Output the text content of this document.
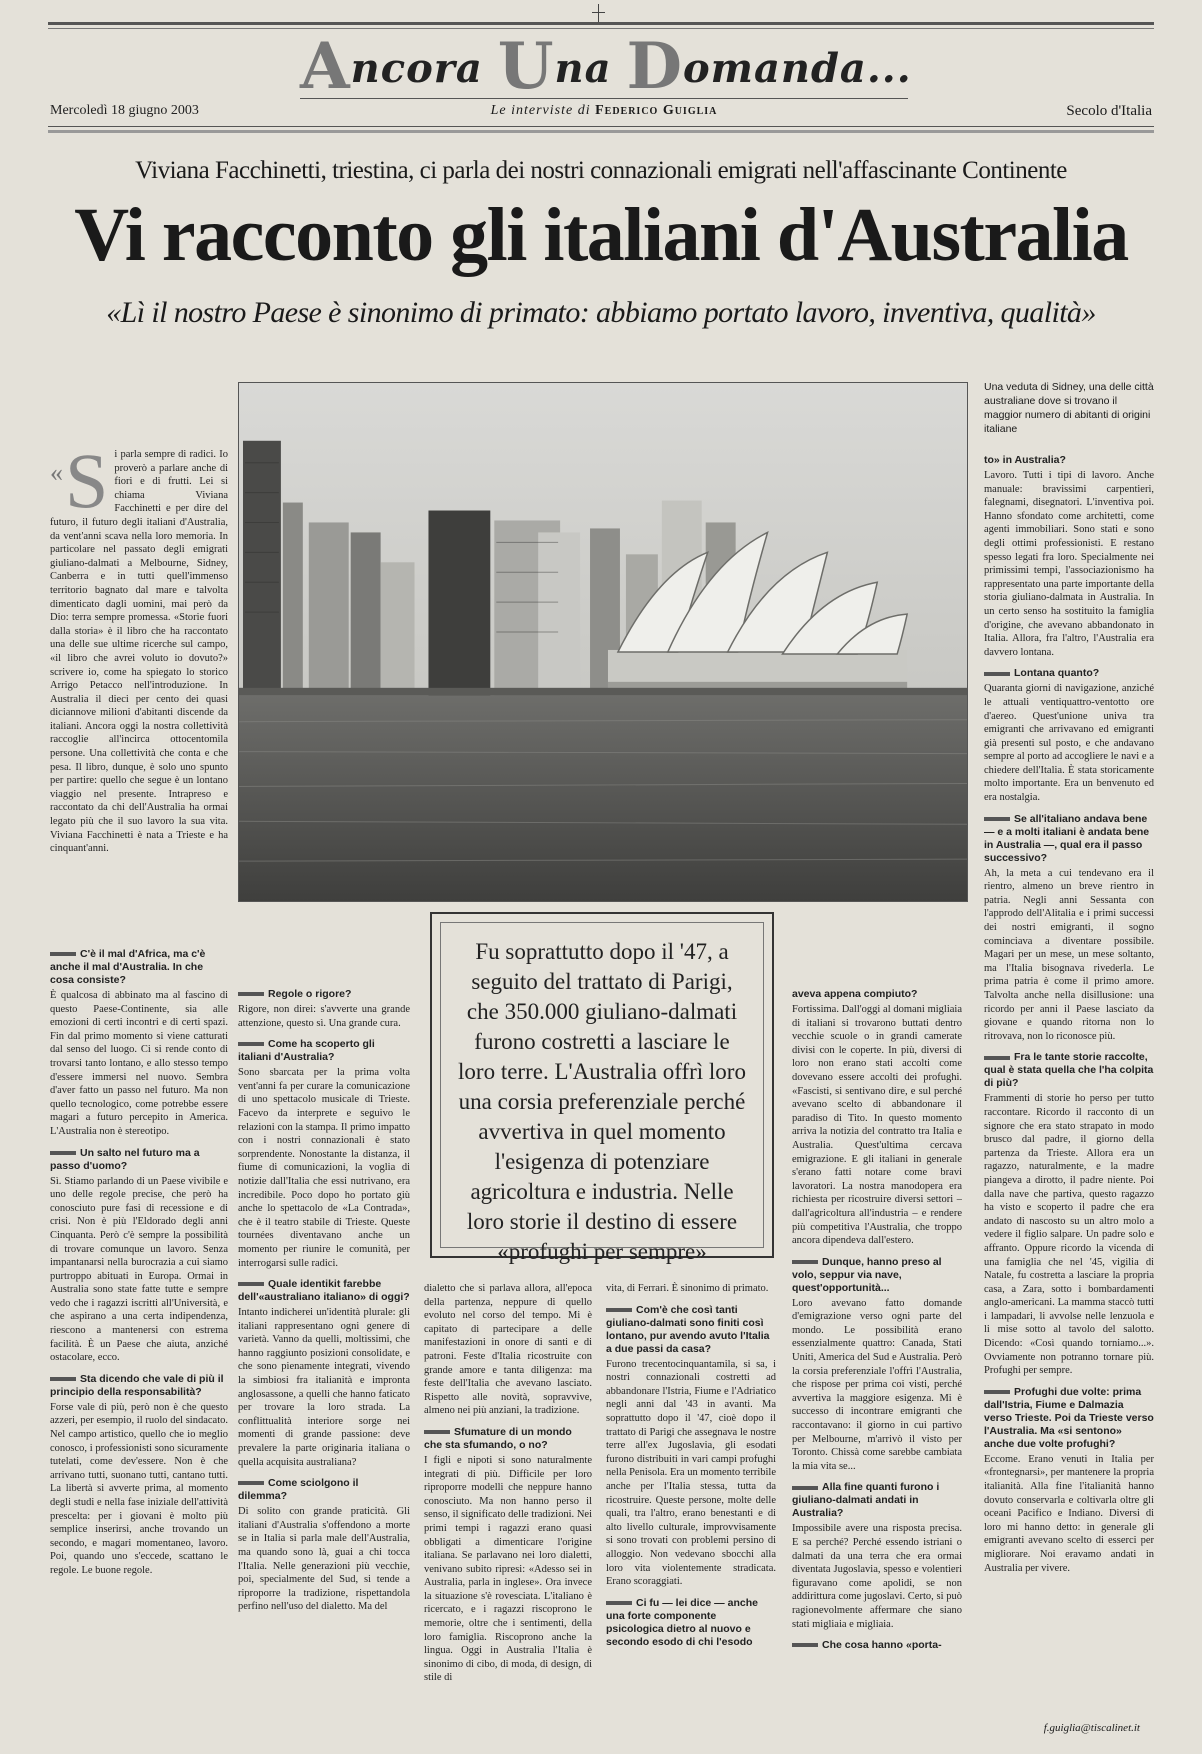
Ancora Una Domanda...
Le interviste di Federico Guiglia
Mercoledì 18 giugno 2003	Secolo d'Italia
Viviana Facchinetti, triestina, ci parla dei nostri connazionali emigrati nell'affascinante Continente
Vi racconto gli italiani d'Australia
«Lì il nostro Paese è sinonimo di primato: abbiamo portato lavoro, inventiva, qualità»
Una veduta di Sidney, una delle città australiane dove si trovano il maggior numero di abitanti di origini italiane
« S i parla sempre di radici. Io proverò a parlare anche di fiori e di frutti. Lei si chiama Viviana Facchinetti e per dire del futuro, il futuro degli italiani d'Australia, da vent'anni scava nella loro memoria. In particolare nel passato degli emigrati giuliano-dalmati a Melbourne, Sidney, Canberra e in tutti quell'immenso territorio bagnato dal mare e talvolta dimenticato dagli uomini, mai però da Dio: terra sempre promessa. «Storie fuori dalla storia» è il libro che ha raccontato una delle sue ultime ricerche sul campo, «il libro che avrei voluto io dovuto?» scrivere io, come ha spiegato lo storico Arrigo Petacco nell'introduzione. In Australia il dieci per cento dei quasi diciannove milioni d'abitanti discende da italiani. Ancora oggi la nostra collettività raccoglie all'incirca ottocentomila persone. Una collettività che conta e che pesa. Il libro, dunque, è solo uno spunto per partire: quello che segue è un lontano viaggio nel presente. Intrapreso e raccontato da chi dell'Australia ha ormai legato più che il suo lavoro la sua vita. Viviana Facchinetti è nata a Trieste e ha cinquant'anni.
C'è il mal d'Africa, ma c'è anche il mal d'Australia. In che cosa consiste?

È qualcosa di abbinato ma al fascino di questo Paese-Continente, sia alle emozioni di certi incontri e di certi spazi. Fin dal primo momento si viene catturati dal senso del luogo. Ci si rende conto di trovarsi tanto lontano, e allo stesso tempo d'essere immersi nel nuovo. Sembra d'aver fatto un passo nel futuro. Ma non quello tecnologico, come potrebbe essere magari a futuro percepito in America. L'Australia non è stereotipo.

Un salto nel futuro ma a passo d'uomo?

Sì. Stiamo parlando di un Paese vivibile e uno delle regole precise, che però ha conosciuto pure fasi di recessione e di crisi. Non è più l'Eldorado degli anni Cinquanta. Però c'è sempre la possibilità di trovare comunque un lavoro. Senza impantanarsi nella burocrazia a cui siamo purtroppo abituati in Europa. Ormai in Australia sono state fatte tutte e sempre vedo che i ragazzi iscritti all'Università, e che aspirano a una certa indipendenza, riescono a mantenersi con estrema facilità. È un Paese che aiuta, anziché ostacolare, ecco.

Sta dicendo che vale di più il principio della responsabilità?

Forse vale di più, però non è che questo azzeri, per esempio, il ruolo del sindacato. Nel campo artistico, quello che io meglio conosco, i professionisti sono sicuramente tutelati, come dev'essere. Non è che arrivano tutti, suonano tutti, cantano tutti. La libertà si avverte prima, al momento degli studi e nella fase iniziale dell'attività prescelta: per i giovani è molto più semplice inserirsi, anche trovando un secondo, e magari momentaneo, lavoro. Poi, quando uno s'eccede, scattano le regole. Le buone regole.

Fu soprattutto dopo il '47, a seguito del trattato di Parigi, che 350.000 giuliano-dalmati furono costretti a lasciare le loro terre. L'Australia offrì loro una corsia preferenziale perché avvertiva in quel momento l'esigenza di potenziare agricoltura e industria. Nelle loro storie il destino di essere «profughi per sempre»
Regole o rigore?

Rigore, non direi: s'avverte una grande attenzione, questo sì. Una grande cura.

Come ha scoperto gli italiani d'Australia?

Sono sbarcata per la prima volta vent'anni fa per curare la comunicazione di uno spettacolo musicale di Trieste. Facevo da interprete e seguivo le relazioni con la stampa. Il primo impatto con i nostri connazionali è stato sorprendente. Nonostante la distanza, il fiume di comunicazioni, la voglia di notizie dall'Italia che essi nutrivano, era incredibile. Poco dopo ho portato giù anche lo spettacolo de «La Contrada», che è il teatro stabile di Trieste. Queste tournées diventavano anche un momento per riunire le comunità, per interrogarsi sulle radici.

Quale identikit farebbe dell'«australiano italiano» di oggi?

Intanto indicherei un'identità plurale: gli italiani rappresentano ogni genere di varietà. Vanno da quelli, moltissimi, che hanno raggiunto posizioni consolidate, e che sono pienamente integrati, vivendo la simbiosi fra italianità e impronta anglosassone, a quelli che hanno faticato per trovare la loro strada. La conflittualità interiore sorge nei momenti di grande passione: deve prevalere la parte originaria italiana o quella acquisita australiana?

Come sciolgono il dilemma?

Di solito con grande praticità. Gli italiani d'Australia s'offendono a morte se in Italia si parla male dell'Australia, ma quando sono là, guai a chi tocca l'Italia. Nelle generazioni più vecchie, poi, specialmente del Sud, si tende a riproporre la tradizione, rispettandola perfino nell'uso del dialetto. Ma del

dialetto che si parlava allora, all'epoca della partenza, neppure di quello evoluto nel corso del tempo. Mi è capitato di partecipare a delle manifestazioni in onore di santi e di patroni. Feste d'Italia ricostruite con grande amore e tanta diligenza: ma feste dell'Italia che avevano lasciato. Rispetto alle novità, sopravvive, almeno nei più anziani, la tradizione.

Sfumature di un mondo che sta sfumando, o no?

I figli e nipoti si sono naturalmente integrati di più. Difficile per loro riproporre modelli che neppure hanno conosciuto. Ma non hanno perso il senso, il significato delle tradizioni. Nei primi tempi i ragazzi erano quasi obbligati a dimenticare l'origine italiana. Se parlavano nei loro dialetti, venivano subito ripresi: «Adesso sei in Australia, parla in inglese». Ora invece la situazione s'è rovesciata. L'italiano è ricercato, e i ragazzi riscoprono le memorie, oltre che i sentimenti, della loro famiglia. Riscoprono anche la lingua. Oggi in Australia l'Italia è sinonimo di cibo, di moda, di design, di stile di

vita, di Ferrari. È sinonimo di primato.

Com'è che così tanti giuliano-dalmati sono finiti così lontano, pur avendo avuto l'Italia a due passi da casa?

Furono trecentocinquantamila, si sa, i nostri connazionali costretti ad abbandonare l'Istria, Fiume e l'Adriatico negli anni dal '43 in avanti. Ma soprattutto dopo il '47, cioè dopo il trattato di Parigi che assegnava le nostre terre all'ex Jugoslavia, gli esodati furono distribuiti in vari campi profughi nella Penisola. Era un momento terribile anche per l'Italia stessa, tutta da ricostruire. Queste persone, molte delle quali, tra l'altro, erano benestanti e di alto livello culturale, improvvisamente si sono trovati con problemi persino di alloggio. Non vedevano sbocchi alla loro vita violentemente stradicata. Erano scoraggiati.

Ci fu — lei dice — anche una forte componente psicologica dietro al nuovo e secondo esodo di chi l'esodo
aveva appena compiuto?

Fortissima. Dall'oggi al domani migliaia di italiani si trovarono buttati dentro vecchie scuole o in grandi camerate divisi con le coperte. In più, diversi di loro non erano stati accolti come dovevano essere accolti dei profughi. «Fascisti, si sentivano dire, e sul perché avevano scelto di abbandonare il paradiso di Tito. In questo momento arriva la notizia del contratto tra Italia e Australia. Quest'ultima cercava emigrazione. E gli italiani in generale s'erano fatti notare come bravi lavoratori. La nostra manodopera era richiesta per ricostruire diversi settori – dall'agricoltura all'industria – e rendere più competitiva l'Australia, che troppo ancora dipendeva dall'estero.

Dunque, hanno preso al volo, seppur via nave, quest'opportunità...

Loro avevano fatto domande d'emigrazione verso ogni parte del mondo. Le possibilità erano essenzialmente quattro: Canada, Stati Uniti, America del Sud e Australia. Però la corsia preferenziale l'offrì l'Australia, che rispose per prima coi visti, perché avvertiva la maggiore esigenza. Mi è successo di incontrare emigranti che raccontavano: il giorno in cui partivo per Melbourne, m'arrivò il visto per Toronto. Chissà come sarebbe cambiata la mia vita se...

Alla fine quanti furono i giuliano-dalmati andati in Australia?

Impossibile avere una risposta precisa. E sa perché? Perché essendo istriani o dalmati da una terra che era ormai diventata Jugoslavia, spesso e volentieri figuravano come apolidi, se non addirittura come jugoslavi. Certo, si può ragionevolmente affermare che siano stati migliaia e migliaia.

Che cosa hanno «porta-
to» in Australia?

Lavoro. Tutti i tipi di lavoro. Anche manuale: bravissimi carpentieri, falegnami, disegnatori. L'inventiva poi. Hanno sfondato come architetti, come agenti immobiliari. Sono stati e sono degli ottimi professionisti. E restano spesso legati fra loro. Specialmente nei primissimi tempi, l'associazionismo ha rappresentato una parte importante della storia giuliano-dalmata in Australia. In un certo senso ha sostituito la famiglia d'origine, che avevano abbandonato in Italia. Allora, fra l'altro, l'Australia era davvero lontana.

Lontana quanto?

Quaranta giorni di navigazione, anziché le attuali ventiquattro-ventotto ore d'aereo. Quest'unione univa tra emigranti che arrivavano ed emigranti già presenti sul posto, e che andavano sempre al porto ad accogliere le navi e a chiedere dell'Italia. È stata storicamente molto importante. Era un benvenuto ed era nostalgia.

Se all'italiano andava bene — e a molti italiani è andata bene in Australia —, qual era il passo successivo?

Ah, la meta a cui tendevano era il rientro, almeno un breve rientro in patria. Negli anni Sessanta con l'approdo dell'Alitalia e i primi successi dei nostri emigranti, il sogno cominciava a diventare possibile. Magari per un mese, un mese soltanto, ma l'Italia bisognava rivederla. Le prima patria è come il primo amore. Talvolta anche nella disillusione: una ricordo per anni il Paese lasciato da giovane e quando ritorna non lo ritrovava, non lo riconosce più.

Fra le tante storie raccolte, qual è stata quella che l'ha colpita di più?

Frammenti di storie ho perso per tutto raccontare. Ricordo il racconto di un signore che era stato strapato in modo brusco dal padre, il giorno della partenza da Trieste. Allora era un ragazzo, naturalmente, e la madre piangeva a dirotto, il padre niente. Poi dalla nave che partiva, questo ragazzo ha visto e scoperto il padre che era andato di nascosto su un altro molo a vedere il figlio salpare. Un padre solo e affranto. Oppure ricordo la vicenda di una famiglia che nel '45, vigilia di Natale, fu costretta a lasciare la propria casa, a Zara, sotto i bombardamenti anglo-americani. La mamma staccò tutti i lampadari, li avvolse nelle lenzuola e li mise sotto al tavolo del salotto. Dicendo: «Così quando torniamo...». Ovviamente non potranno tornare più. Profughi per sempre.

Profughi due volte: prima dall'Istria, Fiume e Dalmazia verso Trieste. Poi da Trieste verso l'Australia. Ma «si sentono» anche due volte profughi?

Eccome. Erano venuti in Italia per «frontegnarsi», per mantenere la propria italianità. Alla fine l'italianità hanno dovuto conservarla e coltivarla oltre gli oceani Pacifico e Indiano. Diversi di loro mi hanno detto: in generale gli emigranti avevano scelto di esserci per migliorare. Noi eravamo andati in Australia per vivere.

f.guiglia@tiscalinet.it
